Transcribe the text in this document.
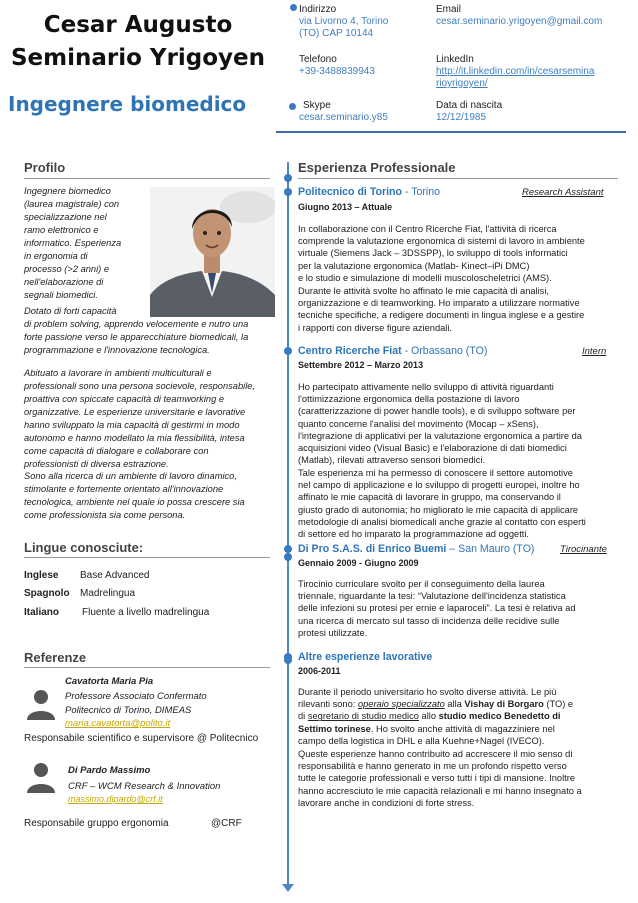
Cesar Augusto
Seminario Yrigoyen
Ingegnere biomedico
Indirizzo
via Livorno 4, Torino
(TO) CAP 10144
Email
cesar.seminario.yrigoyen@gmail.com
Telefono
+39-3488839943
LinkedIn
http://it.linkedin.com/in/cesarsemina
rioyrigoyen/
Skype
cesar.seminario.y85
Data di nascita
12/12/1985
Profilo
Ingegnere biomedico
(laurea magistrale) con
specializzazione nel
ramo elettronico e
informatico. Esperienza
in ergonomia di
processo (>2 anni) e
nell'elaborazione di
segnali biomedici.
Dotato di forti capacità
di problem solving, apprendo velocemente e nutro una
forte passione verso le apparecchiature biomedicali, la
programmazione e l'innovazione tecnologica.
Abituato a lavorare in ambienti multiculturali e
professionali sono una persona socievole, responsabile,
proattiva con spiccate capacità di teamworking e
organizzative. Le esperienze universitarie e lavorative
hanno sviluppato la mia capacità di gestirmi in modo
autonomo e hanno modellato la mia flessibilità, intesa
come capacità di dialogare e collaborare con
professionisti di diversa estrazione.
Sono alla ricerca di un ambiente di lavoro dinamico,
stimolante e fortemente orientato all'innovazione
tecnologica, ambiente nel quale io possa crescere sia
come professionista sia come persona.
Lingue conosciute:
Inglese Base Advanced
Spagnolo Madrelingua
Italiano Fluente a livello madrelingua
Referenze
Cavatorta Maria Pia
Professore Associato Confermato
Politecnico di Torino, DIMEAS
maria.cavatorta@polito.it
Responsabile scientifico e supervisore @ Politecnico
Di Pardo Massimo
CRF – WCM Research & Innovation
massimo.dipardo@crf.it
Responsabile gruppo ergonomia	@CRF
Esperienza Professionale
Politecnico di Torino - Torino	Research Assistant
Giugno 2013 – Attuale
In collaborazione con il Centro Ricerche Fiat, l'attività di ricerca
comprende la valutazione ergonomica di sistemi di lavoro in ambiente
virtuale (Siemens Jack – 3DSSPP), lo sviluppo di tools informatici
per la valutazione ergonomica (Matlab- Kinect–iPi DMC)
e lo studio e simulazione di modelli muscoloscheletrici (AMS).
Durante le attività svolte ho affinato le mie capacità di analisi,
organizzazione e di teamworking. Ho imparato a utilizzare normative
tecniche specifiche, a redigere documenti in lingua inglese e a gestire
i rapporti con diverse figure aziendali.
Centro Ricerche Fiat - Orbassano (TO)	Intern
Settembre 2012 – Marzo 2013
Ho partecipato attivamente nello sviluppo di attività riguardanti
l'ottimizzazione ergonomica della postazione di lavoro
(caratterizzazione di power handle tools), e di sviluppo software per
quanto concerne l'analisi del movimento (Mocap – xSens),
l'integrazione di applicativi per la valutazione ergonomica a partire da
acquisizioni video (Visual Basic) e l'elaborazione di dati biomedici
(Matlab), rilevati attraverso sensori biomedici.
Tale esperienza mi ha permesso di conoscere il settore automotive
nel campo di applicazione e lo sviluppo di progetti europei, inoltre ho
affinato le mie capacità di lavorare in gruppo, ma conservando il
giusto grado di autonomia; ho migliorato le mie capacità di applicare
metodologie di analisi biomedicali anche grazie al contatto con esperti
di settore ed ho imparato la programmazione ad oggetti.
Di Pro S.A.S. di Enrico Buemi – San Mauro (TO)	Tirocinante
Gennaio 2009 - Giugno 2009
Tirocinio curriculare svolto per il conseguimento della laurea
triennale, riguardante la tesi: “Valutazione dell'incidenza statistica
delle infezioni su protesi per ernie e laparoceli”. La tesi è relativa ad
una ricerca di mercato sul tasso di incidenza delle recidive sulle
protesi utilizzate.
Altre esperienze lavorative
2006-2011
Durante il periodo universitario ho svolto diverse attività. Le più
rilevanti sono: operaio specializzato alla Vishay di Borgaro (TO) e
di segretario di studio medico allo studio medico Benedetto di
Settimo torinese. Ho svolto anche attività di magazziniere nel
campo della logistica in DHL e alla Kuehne+Nagel (IVECO).
Queste esperienze hanno contribuito ad accrescere il mio senso di
responsabilità e hanno generato in me un profondo rispetto verso
tutte le categorie professionali e verso tutti i tipi di mansione. Inoltre
hanno accresciuto le mie capacità relazionali e mi hanno insegnato a
lavorare anche in condizioni di forte stress.
